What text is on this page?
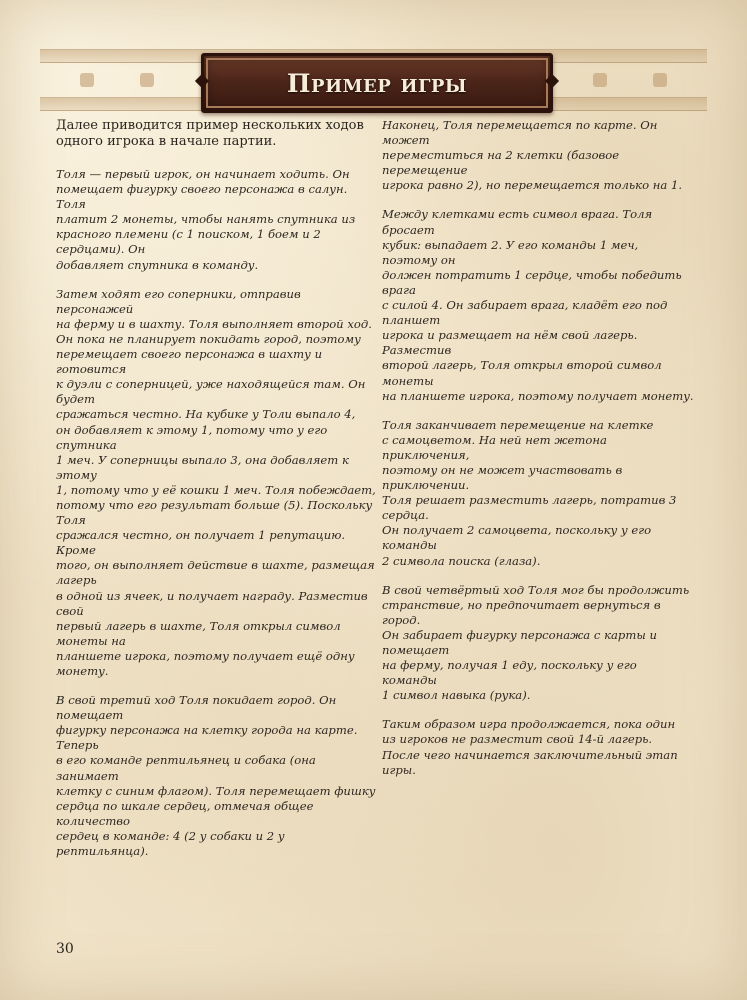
Пример игры

Далее приводится пример нескольких ходов
одного игрока в начале партии.

Толя — первый игрок, он начинает ходить. Он
помещает фигурку своего персонажа в салун. Толя
платит 2 монеты, чтобы нанять спутника из
красного племени (с 1 поиском, 1 боем и 2 сердцами). Он
добавляет спутника в команду.

Затем ходят его соперники, отправив персонажей
на ферму и в шахту. Толя выполняет второй ход.
Он пока не планирует покидать город, поэтому
перемещает своего персонажа в шахту и готовится
к дуэли с соперницей, уже находящейся там. Он будет
сражаться честно. На кубике у Толи выпало 4,
он добавляет к этому 1, потому что у его спутника
1 меч. У соперницы выпало 3, она добавляет к этому
1, потому что у её кошки 1 меч. Толя побеждает,
потому что его результат больше (5). Поскольку Толя
сражался честно, он получает 1 репутацию. Кроме
того, он выполняет действие в шахте, размещая лагерь
в одной из ячеек, и получает награду. Разместив свой
первый лагерь в шахте, Толя открыл символ монеты на
планшете игрока, поэтому получает ещё одну монету.

В свой третий ход Толя покидает город. Он помещает
фигурку персонажа на клетку города на карте. Теперь
в его команде рептильянец и собака (она занимает
клетку с синим флагом). Толя перемещает фишку
сердца по шкале сердец, отмечая общее количество
сердец в команде: 4 (2 у собаки и 2 у рептильянца).

Наконец, Толя перемещается по карте. Он может
переместиться на 2 клетки (базовое перемещение
игрока равно 2), но перемещается только на 1.

Между клетками есть символ врага. Толя бросает
кубик: выпадает 2. У его команды 1 меч, поэтому он
должен потратить 1 сердце, чтобы победить врага
с силой 4. Он забирает врага, кладёт его под планшет
игрока и размещает на нём свой лагерь. Разместив
второй лагерь, Толя открыл второй символ монеты
на планшете игрока, поэтому получает монету.

Толя заканчивает перемещение на клетке
с самоцветом. На ней нет жетона приключения,
поэтому он не может участвовать в приключении.
Толя решает разместить лагерь, потратив 3 сердца.
Он получает 2 самоцвета, поскольку у его команды
2 символа поиска (глаза).

В свой четвёртый ход Толя мог бы продолжить
странствие, но предпочитает вернуться в город.
Он забирает фигурку персонажа с карты и помещает
на ферму, получая 1 еду, поскольку у его команды
1 символ навыка (рука).

Таким образом игра продолжается, пока один
из игроков не разместит свой 14-й лагерь.
После чего начинается заключительный этап игры.

30
